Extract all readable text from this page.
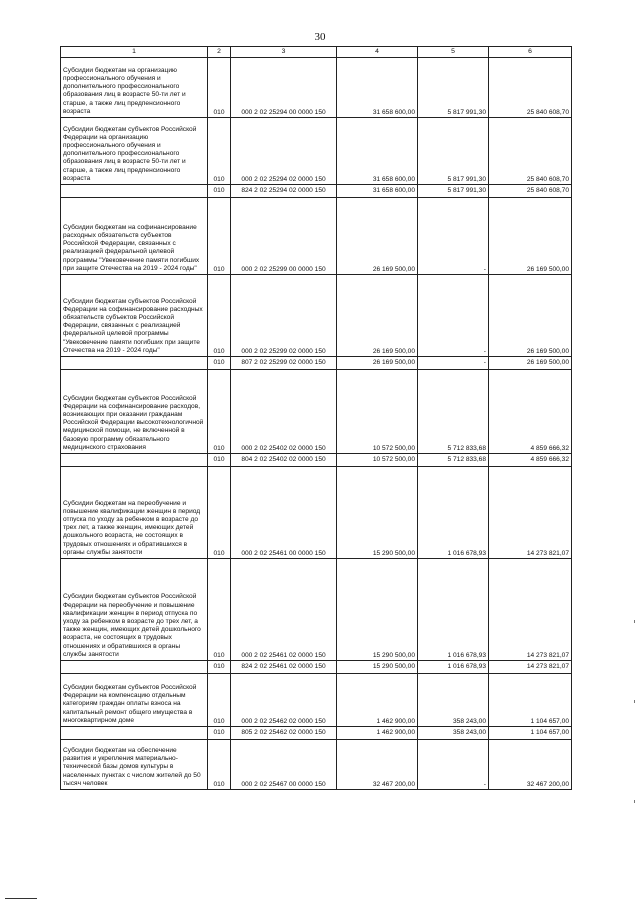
30
1	2	3	4	5	6
Субсидии бюджетам на организацию профессионального обучения и дополнительного профессионального образования лиц в возрасте 50-ти лет и старше, а также лиц предпенсионного возраста	010	000 2 02 25294 00 0000 150	31 658 600,00	5 817 991,30	25 840 608,70
Субсидии бюджетам субъектов Российской Федерации на организацию профессионального обучения и дополнительного профессионального образования лиц в возрасте 50-ти лет и старше, а также лиц предпенсионного возраста	010	000 2 02 25294 02 0000 150	31 658 600,00	5 817 991,30	25 840 608,70
	010	824 2 02 25294 02 0000 150	31 658 600,00	5 817 991,30	25 840 608,70
Субсидии бюджетам на софинансирование расходных обязательств субъектов Российской Федерации, связанных с реализацией федеральной целевой программы "Увековечение памяти погибших при защите Отечества на 2019 - 2024 годы"	010	000 2 02 25299 00 0000 150	26 169 500,00	-	26 169 500,00
Субсидии бюджетам субъектов Российской Федерации на софинансирование расходных обязательств субъектов Российской Федерации, связанных с реализацией федеральной целевой программы "Увековечение памяти погибших при защите Отечества на 2019 - 2024 годы"	010	000 2 02 25299 02 0000 150	26 169 500,00	-	26 169 500,00
	010	807 2 02 25299 02 0000 150	26 169 500,00	-	26 169 500,00
Субсидии бюджетам субъектов Российской Федерации на софинансирование расходов, возникающих при оказании гражданам Российской Федерации высокотехнологичной медицинской помощи, не включенной в базовую программу обязательного медицинского страхования	010	000 2 02 25402 02 0000 150	10 572 500,00	5 712 833,68	4 859 666,32
	010	804 2 02 25402 02 0000 150	10 572 500,00	5 712 833,68	4 859 666,32
Субсидии бюджетам на переобучение и повышение квалификации женщин в период отпуска по уходу за ребенком в возрасте до трех лет, а также женщин, имеющих детей дошкольного возраста, не состоящих в трудовых отношениях и обратившихся в органы службы занятости	010	000 2 02 25461 00 0000 150	15 290 500,00	1 016 678,93	14 273 821,07
Субсидии бюджетам субъектов Российской Федерации на переобучение и повышение квалификации женщин в период отпуска по уходу за ребенком в возрасте до трех лет, а также женщин, имеющих детей дошкольного возраста, не состоящих в трудовых отношениях и обратившихся в органы службы занятости	010	000 2 02 25461 02 0000 150	15 290 500,00	1 016 678,93	14 273 821,07
	010	824 2 02 25461 02 0000 150	15 290 500,00	1 016 678,93	14 273 821,07
Субсидии бюджетам субъектов Российской Федерации на компенсацию отдельным категориям граждан оплаты взноса на капитальный ремонт общего имущества в многоквартирном доме	010	000 2 02 25462 02 0000 150	1 462 900,00	358 243,00	1 104 657,00
	010	805 2 02 25462 02 0000 150	1 462 900,00	358 243,00	1 104 657,00
Субсидии бюджетам на обеспечение развития и укрепления материально-технической базы домов культуры в населенных пунктах с числом жителей до 50 тысяч человек	010	000 2 02 25467 00 0000 150	32 467 200,00	-	32 467 200,00
